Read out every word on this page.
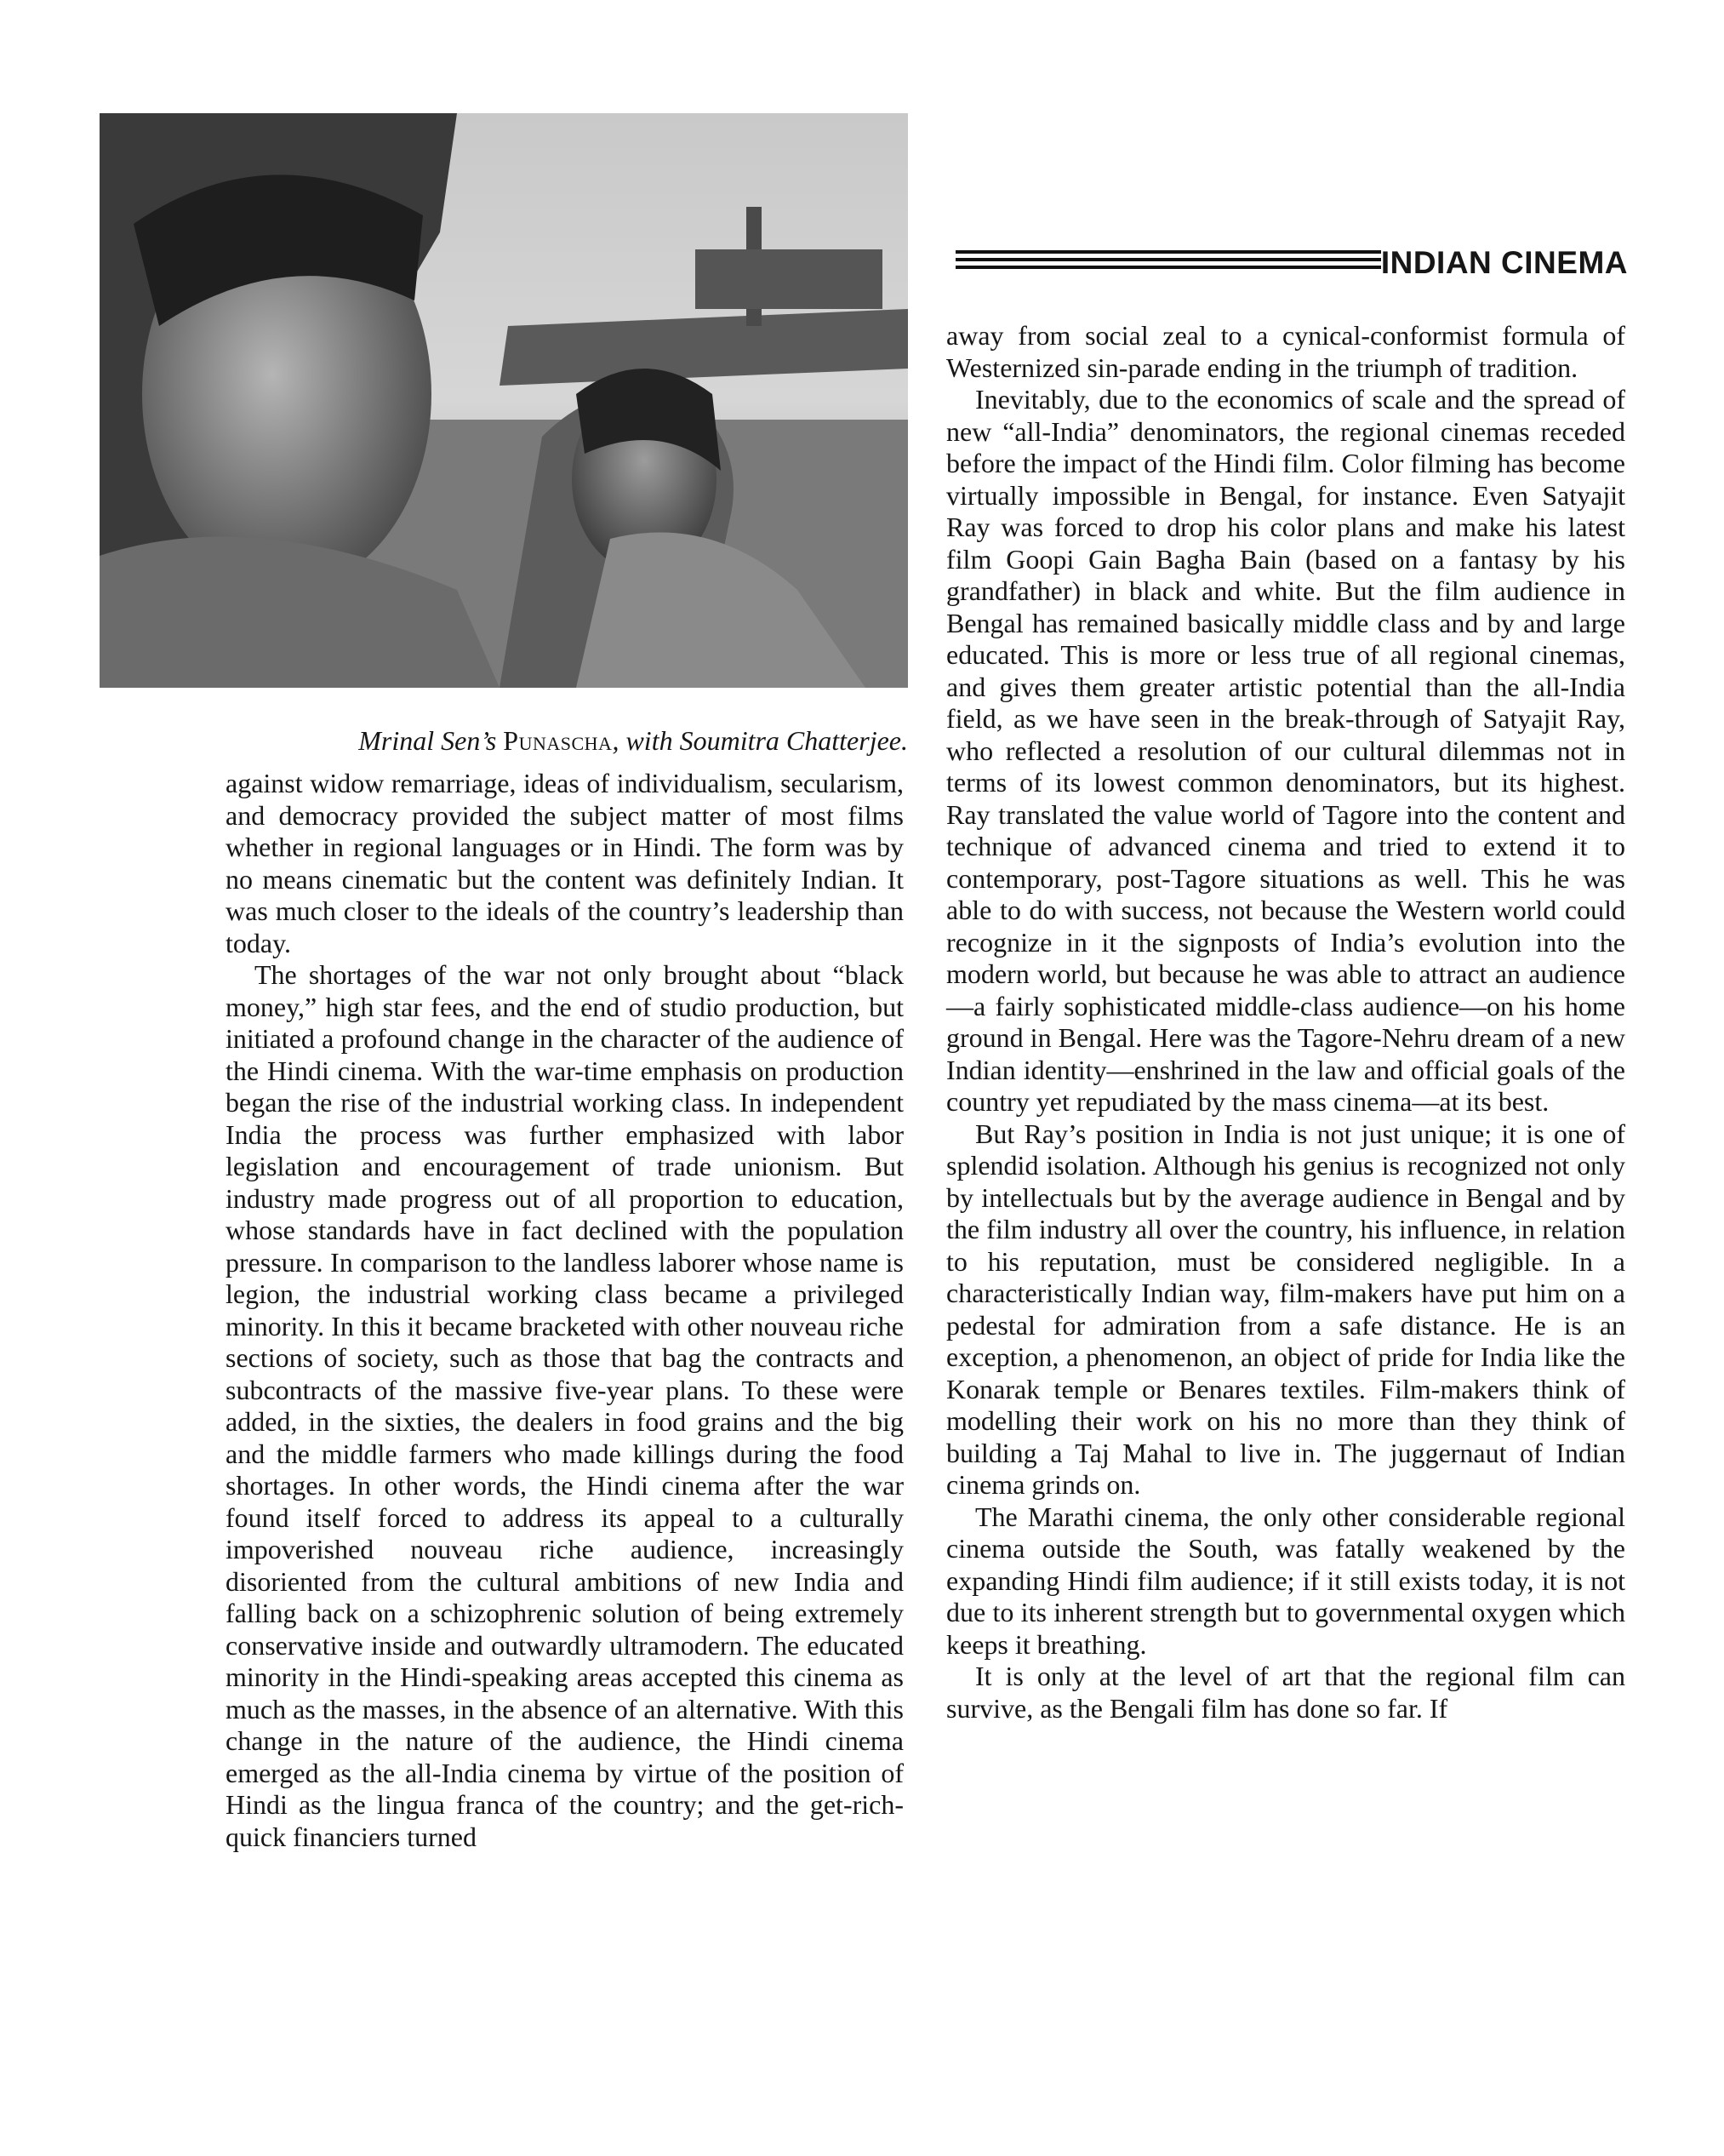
Mrinal Sen’s Punascha, with Soumitra Chatterjee.
INDIAN CINEMA

against widow remarriage, ideas of individualism, secularism, and democracy provided the subject matter of most films whether in regional languages or in Hindi. The form was by no means cinematic but the content was definitely Indian. It was much closer to the ideals of the country’s leadership than today.

The shortages of the war not only brought about “black money,” high star fees, and the end of studio production, but initiated a profound change in the character of the audience of the Hindi cinema. With the war-time emphasis on production began the rise of the industrial working class. In independent India the process was further emphasized with labor legislation and encouragement of trade unionism. But industry made progress out of all proportion to education, whose standards have in fact declined with the population pressure. In comparison to the landless laborer whose name is legion, the industrial working class became a privileged minority. In this it became bracketed with other nouveau riche sections of society, such as those that bag the contracts and subcontracts of the massive five-year plans. To these were added, in the sixties, the dealers in food grains and the big and the middle farmers who made killings during the food shortages. In other words, the Hindi cinema after the war found itself forced to address its appeal to a culturally impoverished nouveau riche audience, increasingly disoriented from the cultural ambitions of new India and falling back on a schizophrenic solution of being extremely conservative inside and outwardly ultramodern. The educated minority in the Hindi-speaking areas accepted this cinema as much as the masses, in the absence of an alternative. With this change in the nature of the audience, the Hindi cinema emerged as the all-India cinema by virtue of the position of Hindi as the lingua franca of the country; and the get-rich-quick financiers turned

away from social zeal to a cynical-conformist formula of Westernized sin-parade ending in the triumph of tradition.

Inevitably, due to the economics of scale and the spread of new “all-India” denominators, the regional cinemas receded before the impact of the Hindi film. Color filming has become virtually impossible in Bengal, for instance. Even Satyajit Ray was forced to drop his color plans and make his latest film Goopi Gain Bagha Bain (based on a fantasy by his grandfather) in black and white. But the film audience in Bengal has remained basically middle class and by and large educated. This is more or less true of all regional cinemas, and gives them greater artistic potential than the all-India field, as we have seen in the break-through of Satyajit Ray, who reflected a resolution of our cultural dilemmas not in terms of its lowest common denominators, but its highest. Ray translated the value world of Tagore into the content and technique of advanced cinema and tried to extend it to contemporary, post-Tagore situations as well. This he was able to do with success, not because the Western world could recognize in it the signposts of India’s evolution into the modern world, but because he was able to attract an audience—a fairly sophisticated middle-class audience—on his home ground in Bengal. Here was the Tagore-Nehru dream of a new Indian identity—enshrined in the law and official goals of the country yet repudiated by the mass cinema—at its best.

But Ray’s position in India is not just unique; it is one of splendid isolation. Although his genius is recognized not only by intellectuals but by the average audience in Bengal and by the film industry all over the country, his influence, in relation to his reputation, must be considered negligible. In a characteristically Indian way, film-makers have put him on a pedestal for admiration from a safe distance. He is an exception, a phenomenon, an object of pride for India like the Konarak temple or Benares textiles. Film-makers think of modelling their work on his no more than they think of building a Taj Mahal to live in. The juggernaut of Indian cinema grinds on.

The Marathi cinema, the only other considerable regional cinema outside the South, was fatally weakened by the expanding Hindi film audience; if it still exists today, it is not due to its inherent strength but to governmental oxygen which keeps it breathing.

It is only at the level of art that the regional film can survive, as the Bengali film has done so far. If
